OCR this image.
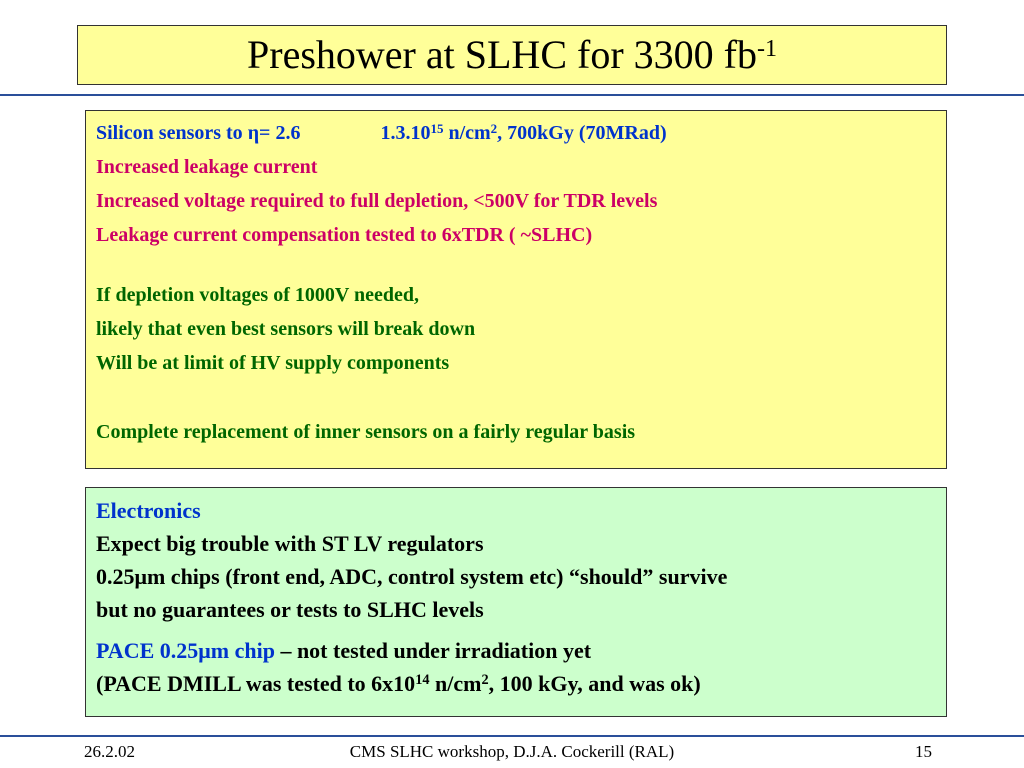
Preshower at SLHC for 3300 $fb^{-1}$
Silicon sensors to η= 2.6	1.3.10$^{15}$ $n/cm^2$, 700kGy (70MRad)
Increased leakage current
Increased voltage required to full depletion, <500V for TDR levels
Leakage current compensation tested to 6xTDR ( ~SLHC)
If depletion voltages of 1000V needed,
likely that even best sensors will break down
Will be at limit of HV supply components
Complete replacement of inner sensors on a fairly regular basis
Electronics
Expect big trouble with ST LV regulators
0.25μm chips (front end, ADC, control system etc) “should” survive
but no guarantees or tests to SLHC levels
PACE 0.25μm chip – not tested under irradiation yet
(PACE DMILL was tested to $6x10^{14}$ $n/cm^2$, 100 kGy, and was ok)
26.2.02	CMS SLHC workshop, D.J.A. Cockerill (RAL)	15
